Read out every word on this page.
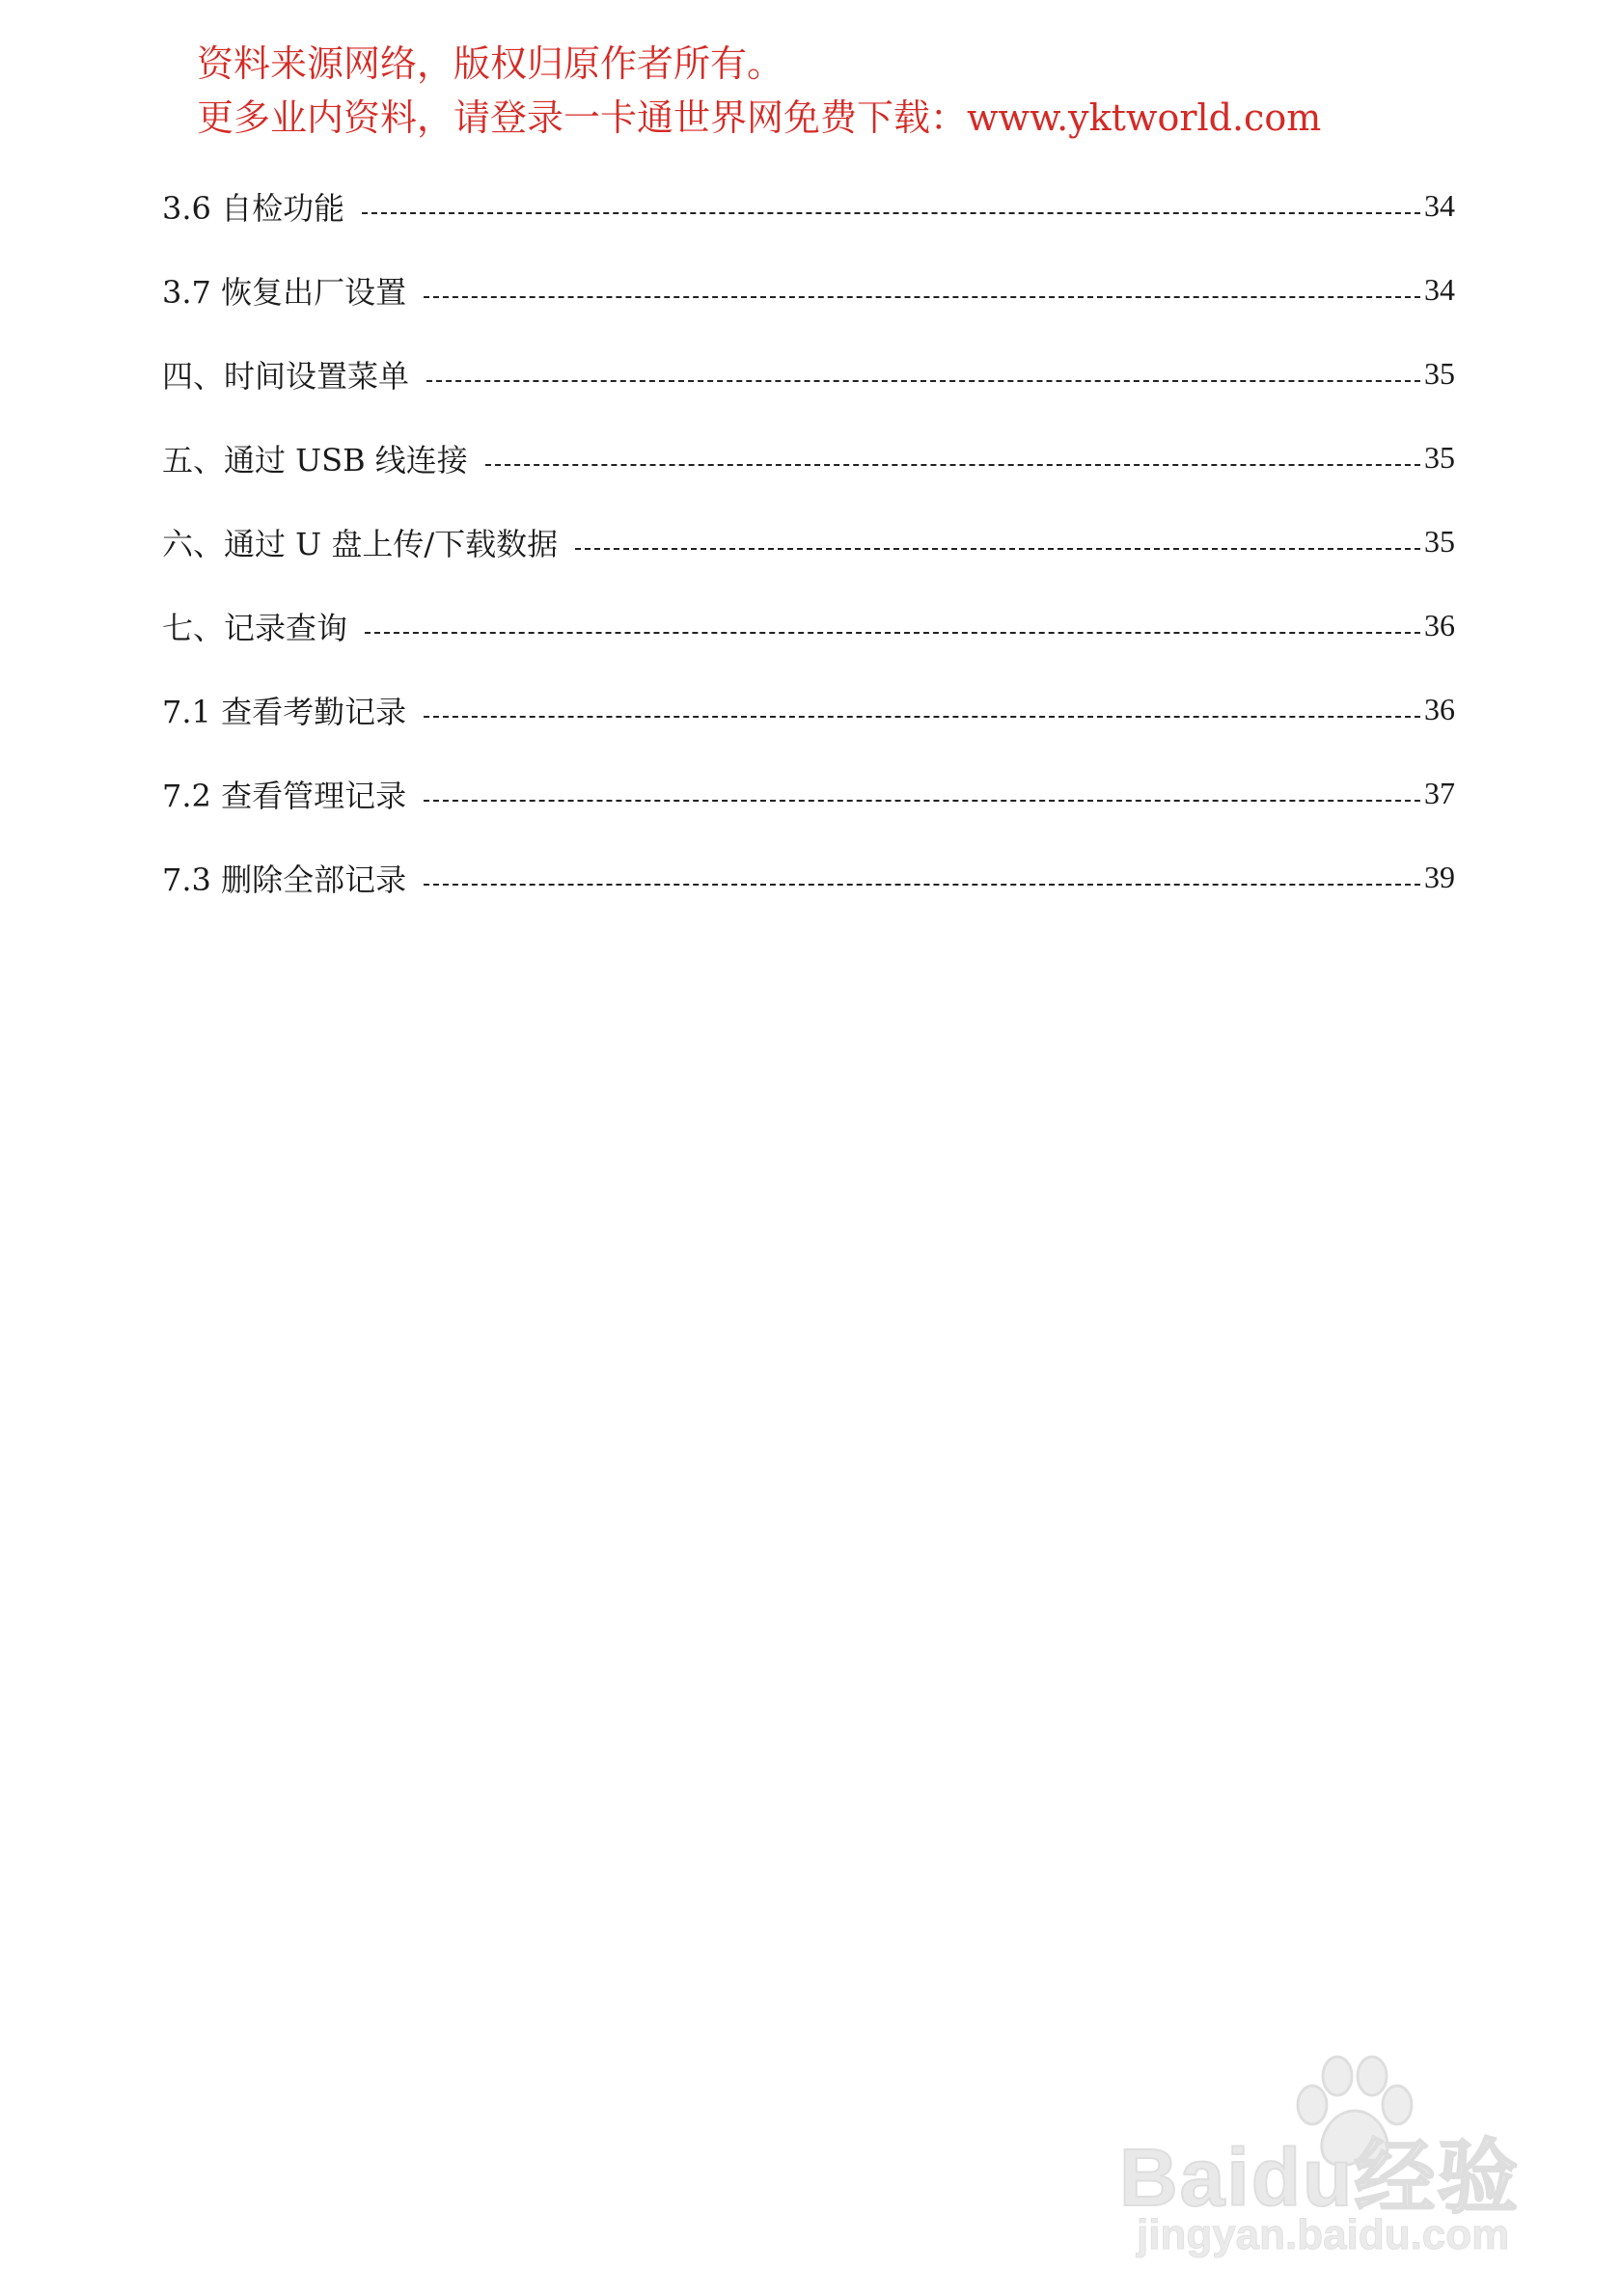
资料来源网络，版权归原作者所有。
更多业内资料，请登录一卡通世界网免费下载：www.yktworld.com
3.6 自检功能	34
3.7 恢复出厂设置	34
四、时间设置菜单	35
五、通过 USB 线连接	35
六、通过 U 盘上传/下载数据	35
七、记录查询	36
7.1 查看考勤记录	36
7.2 查看管理记录	37
7.3 删除全部记录	39
Baidu经验
jingyan.baidu.com
